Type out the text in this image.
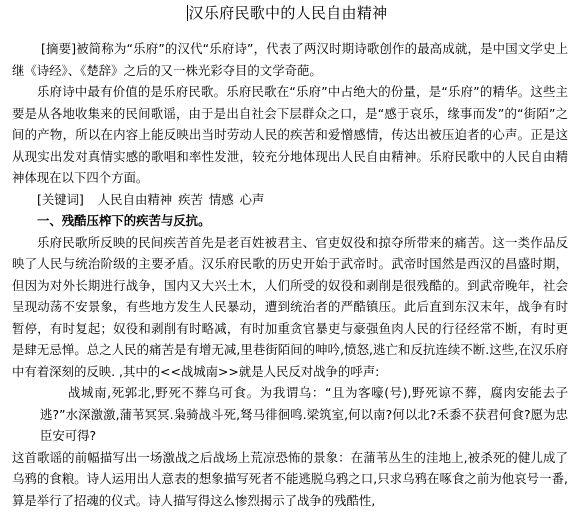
汉乐府民歌中的人民自由精神

[摘要]被简称为“乐府”的汉代“乐府诗”，代表了两汉时期诗歌创作的最高成就，是中国文学史上继《诗经》、《楚辞》之后的又一株光彩夺目的文学奇葩。

乐府诗中最有价值的是乐府民歌。乐府民歌在“乐府”中占绝大的份量，是“乐府”的精华。这些主要是从各地收集来的民间歌谣，由于是出自社会下层群众之口，是“感于哀乐，缘事而发”的“街陌”之间的产物，所以在内容上能反映出当时劳动人民的疾苦和爱憎感情，传达出被压迫者的心声。正是这从现实出发对真情实感的歌唱和率性发泄，较充分地体现出人民自由精神。乐府民歌中的人民自由精神体现在以下四个方面。

[关键词] 人民自由精神 疾苦 情感 心声

一、残酷压榨下的疾苦与反抗。

乐府民歌所反映的民间疾苦首先是老百姓被君主、官吏奴役和掠夺所带来的痛苦。这一类作品反映了人民与统治阶级的主要矛盾。汉乐府民歌的历史开始于武帝时。武帝时国然是西汉的昌盛时期，但因为对外长期进行战争，国内又大兴土木，人们所受的奴役和剥削是很残酷的。到武帝晚年，社会呈现动荡不安景象，有些地方发生人民暴动，遭到统治者的严酷镇压。此后直到东汉末年，战争有时暂停，有时复起；奴役和剥削有时略减，有时加重贪官暴吏与豪强鱼肉人民的行径经常不断，有时更是肆无忌惮。总之人民的痛苦是有增无减,里巷街陌间的呻吟,愤怒,逃亡和反抗连续不断.这些,在汉乐府中有着深刻的反映. ,其中的<<战城南>>就是人民反对战争的呼声:

战城南,死郭北,野死不葬乌可食。为我谓乌：“且为客嚎(号),野死谅不葬，腐肉安能去子逃?”水深激激,蒲苇冥冥.枭骑战斗死,驽马徘徊鸣.梁筑室,何以南?何以北?禾黍不获君何食?愿为忠臣安可得?

这首歌谣的前幅描写出一场激战之后战场上荒凉恐怖的景象：在蒲苇丛生的洼地上,被杀死的健儿成了乌鸦的食粮。诗人运用出人意表的想象描写死者不能逃脱乌鸦之口,只求乌鸦在啄食之前为他哀号一番,算是举行了招魂的仪式。诗人描写得这么惨烈揭示了战争的残酷性,
